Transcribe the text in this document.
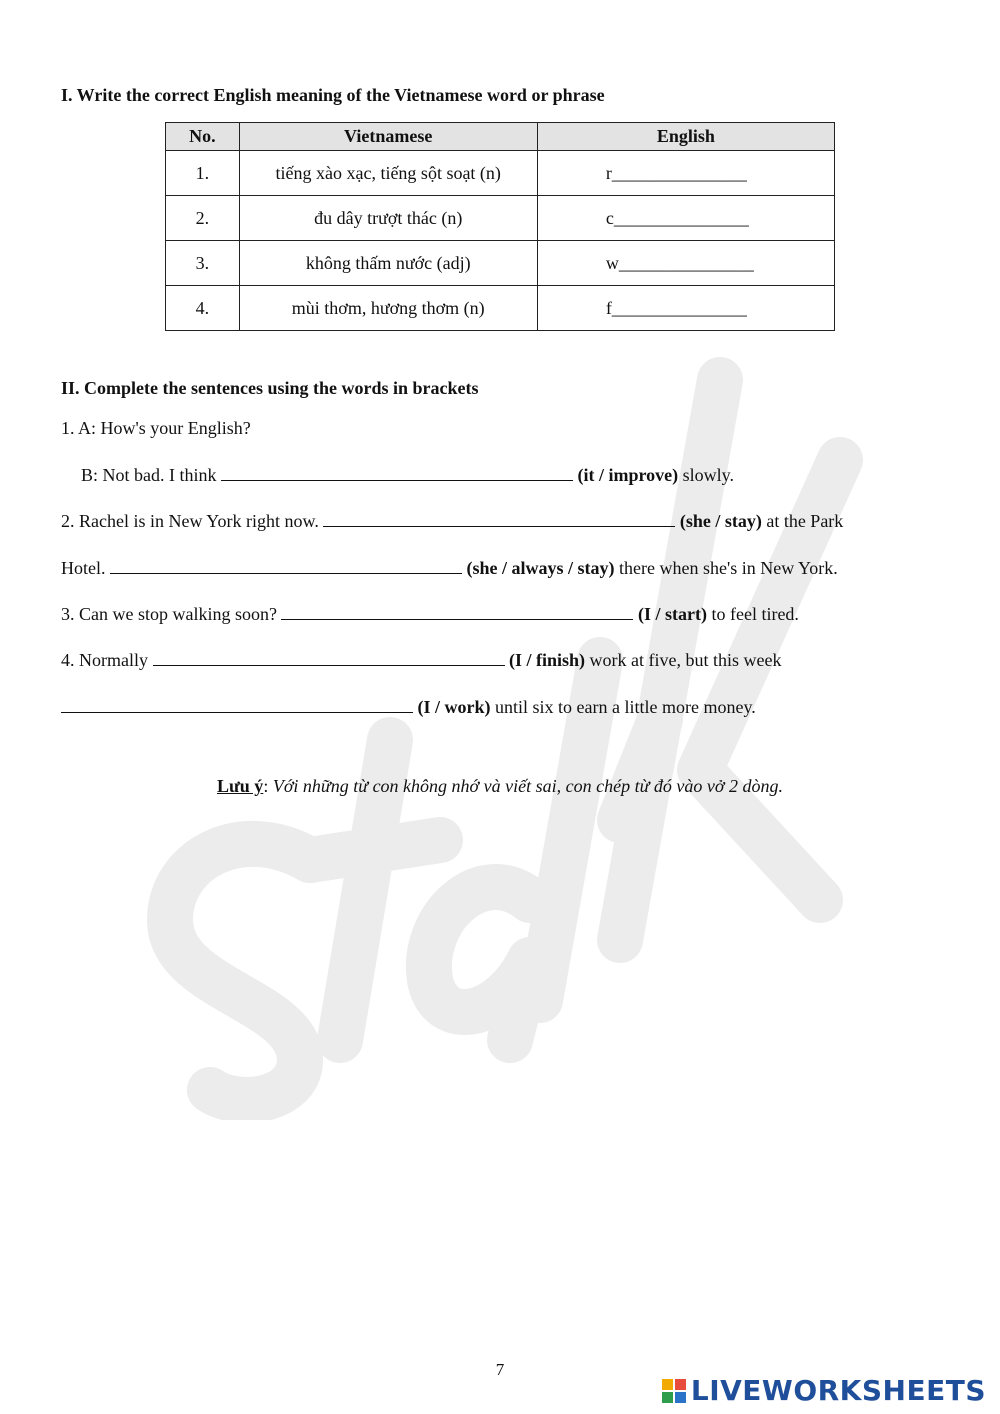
I. Write the correct English meaning of the Vietnamese word or phrase
No.	Vietnamese	English
1.	tiếng xào xạc, tiếng sột soạt (n)	r_______________
2.	đu dây trượt thác (n)	c_______________
3.	không thấm nước (adj)	w_______________
4.	mùi thơm, hương thơm (n)	f_______________
II. Complete the sentences using the words in brackets
1. A: How's your English?
B: Not bad. I think	(it / improve) slowly.
2. Rachel is in New York right now.	(she / stay) at the Park
Hotel.	(she / always / stay) there when she's in New York.
3. Can we stop walking soon?	(I / start) to feel tired.
4. Normally	(I / finish) work at five, but this week
(I / work) until six to earn a little more money.
Lưu ý: Với những từ con không nhớ và viết sai, con chép từ đó vào vở 2 dòng.
7
LIVEWORKSHEETS
